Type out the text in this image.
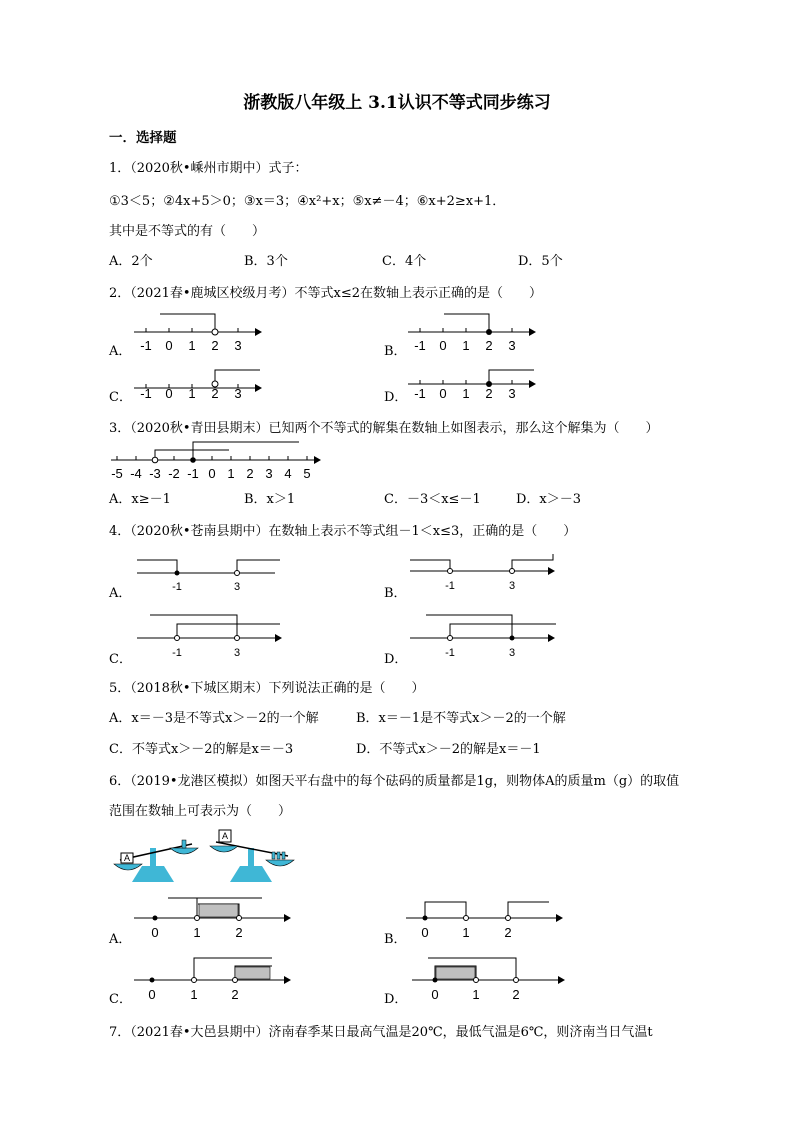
浙教版八年级上 3.1认识不等式同步练习
一．选择题
1．（2020秋•嵊州市期中）式子：
①3＜5；②4x+5＞0；③x＝3；④x²+x；⑤x≠－4；⑥x+2≥x+1．
其中是不等式的有（　　）
A．2个	B．3个	C．4个	D．5个
2．（2021春•鹿城区校级月考）不等式x≤2在数轴上表示正确的是（　　）
A． -1 0 1 2 3	B． -1 0 1 2 3
C． -1 0 1 2 3	D． -1 0 1 2 3
3．（2020秋•青田县期末）已知两个不等式的解集在数轴上如图表示，那么这个解集为（　　）
-5 -4 -3 -2 -1 0 1 2 3 4 5
A．x≥－1	B．x＞1	C．－3＜x≤－1	D．x＞－3
4．（2020秋•苍南县期中）在数轴上表示不等式组－1＜x≤3，正确的是（　　）
A．	-1	3	B．	-1	3
C．	-1	3	D．	-1	3
5．（2018秋•下城区期末）下列说法正确的是（　　）
A．x＝－3是不等式x＞－2的一个解	B．x＝－1是不等式x＞－2的一个解
C．不等式x＞－2的解是x＝－3	D．不等式x＞－2的解是x＝－1
6．（2019•龙港区模拟）如图天平右盘中的每个砝码的质量都是1g，则物体A的质量m（g）的取值
范围在数轴上可表示为（　　）
A
A
A． 0	1	2	B． 0	1	2
C． 0	1	2	D． 0	1	2
7．（2021春•大邑县期中）济南春季某日最高气温是20℃，最低气温是6℃，则济南当日气温t
